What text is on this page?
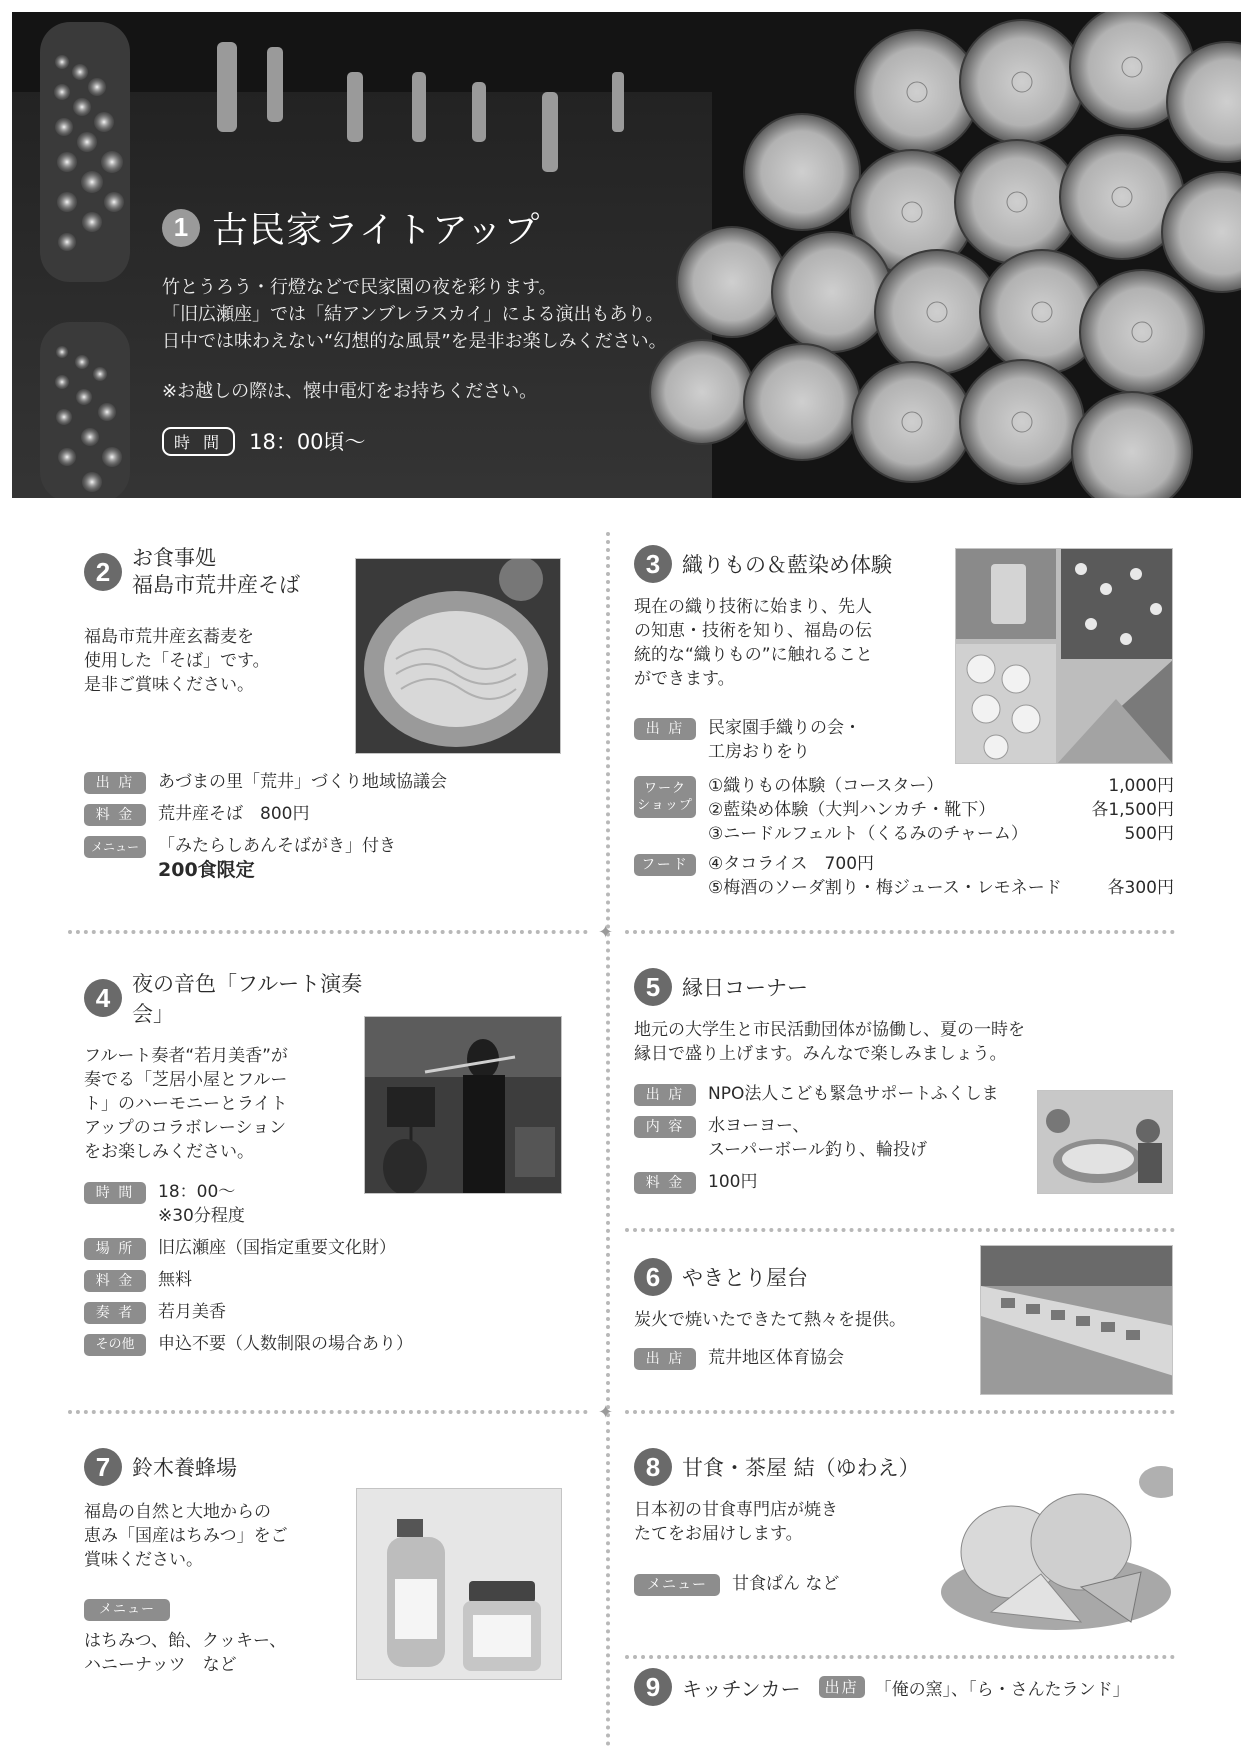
1 古民家ライトアップ
竹とうろう・行燈などで民家園の夜を彩ります。
「旧広瀬座」では「結アンブレラスカイ」による演出もあり。
日中では味わえない“幻想的な風景”を是非お楽しみください。
※お越しの際は、懐中電灯をお持ちください。
時 間	18：00頃～
✦
✦
2	お食事処
福島市荒井産そば
福島市荒井産玄蕎麦を
使用した「そば」です。
是非ご賞味ください。
出 店	あづまの里「荒井」づくり地域協議会
料 金	荒井産そば　800円
メニュー	「みたらしあんそばがき」付き
200食限定
3	織りもの＆藍染め体験
現在の織り技術に始まり、先人
の知恵・技術を知り、福島の伝
統的な“織りもの”に触れること
ができます。
出 店	民家園手織りの会・
工房おりをり
ワーク ショップ
①織りもの体験（コースター）	1,000円
②藍染め体験（大判ハンカチ・靴下）	各1,500円
③ニードルフェルト（くるみのチャーム）	500円
フード	④タコライス　700円
⑤梅酒のソーダ割り・梅ジュース・レモネード	各300円
4	夜の音色「フルート演奏会」
フルート奏者“若月美香”が
奏でる「芝居小屋とフルー
ト」のハーモニーとライト
アップのコラボレーション
をお楽しみください。
時 間	18：00～
※30分程度
場 所	旧広瀬座（国指定重要文化財）
料 金	無料
奏 者	若月美香
その他	申込不要（人数制限の場合あり）
5	縁日コーナー
地元の大学生と市民活動団体が協働し、夏の一時を
縁日で盛り上げます。みんなで楽しみましょう。
出 店	NPO法人こども緊急サポートふくしま
内 容	水ヨーヨー、
スーパーボール釣り、輪投げ
料 金	100円
6	やきとり屋台
炭火で焼いたできたて熱々を提供。
出 店	荒井地区体育協会
7	鈴木養蜂場
福島の自然と大地からの
恵み「国産はちみつ」をご
賞味ください。
メニュー
はちみつ、飴、クッキー、
ハニーナッツ　など
8	甘食・茶屋 結（ゆわえ）
日本初の甘食専門店が焼き
たてをお届けします。
メニュー	甘食ぱん など
9	キッチンカー	出店 「俺の窯」、「ら・さんたランド」
